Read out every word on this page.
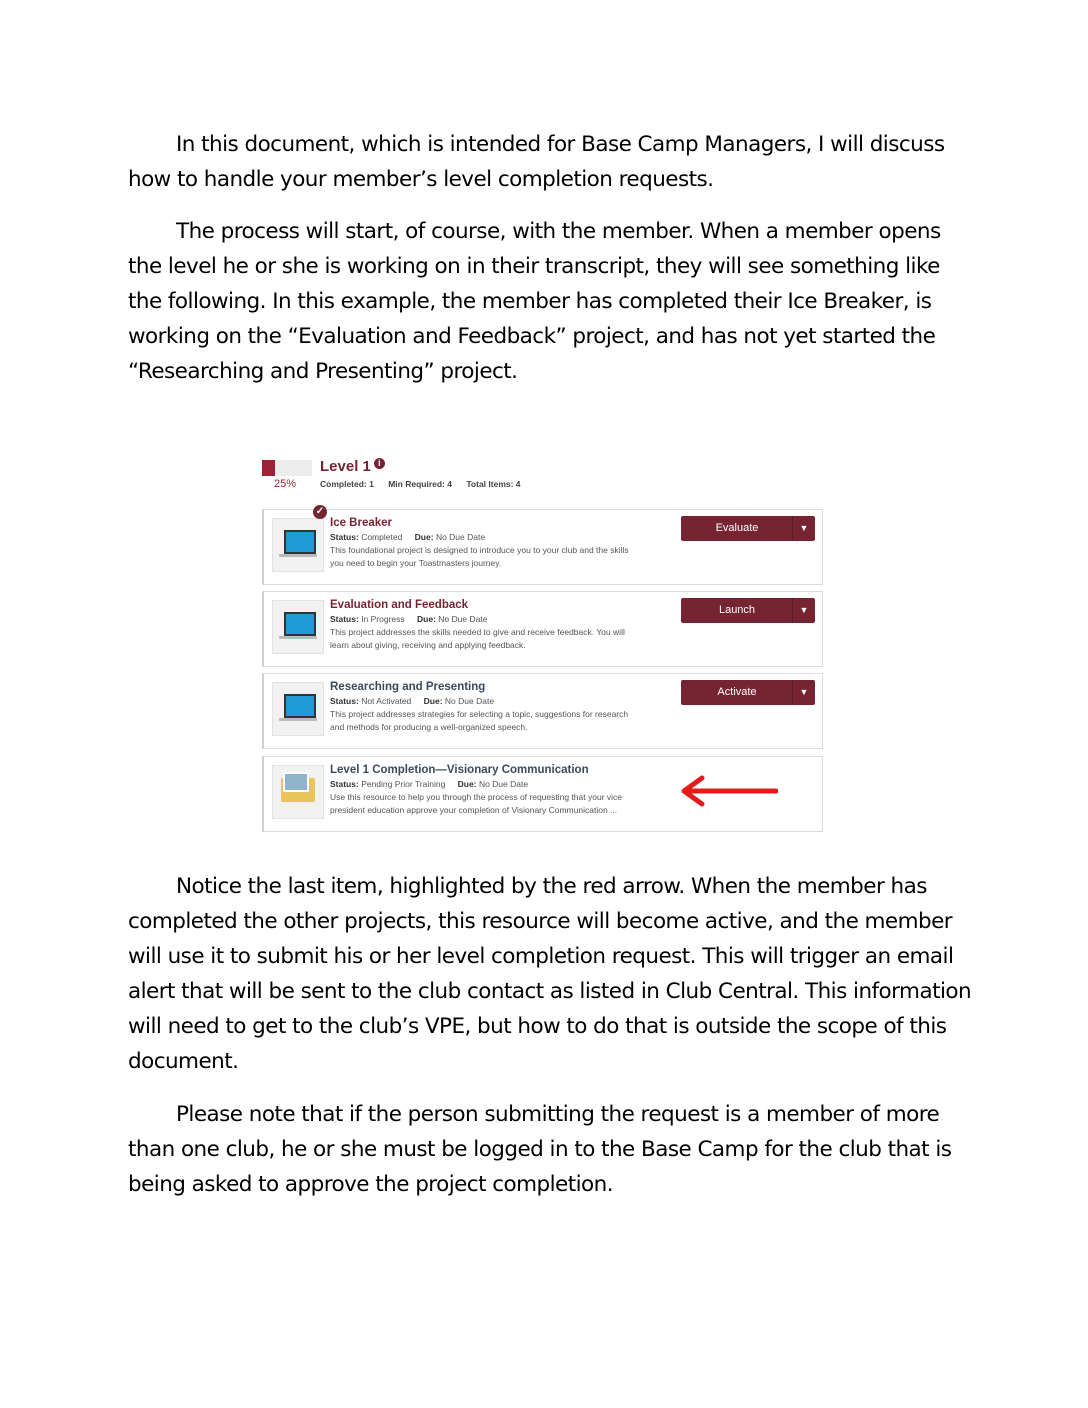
In this document, which is intended for Base Camp Managers, I will discuss
how to handle your member’s level completion requests.
The process will start, of course, with the member. When a member opens
the level he or she is working on in their transcript, they will see something like
the following. In this example, the member has completed their Ice Breaker, is
working on the “Evaluation and Feedback” project, and has not yet started the
“Researching and Presenting” project.
25%
Level 1 i
Completed: 1 Min Required: 4 Total Items: 4
✓
Ice Breaker
Status: Completed Due: No Due Date
This foundational project is designed to introduce you to your club and the skills
you need to begin your Toastmasters journey.
Evaluate	▼
Evaluation and Feedback
Status: In Progress Due: No Due Date
This project addresses the skills needed to give and receive feedback. You will
learn about giving, receiving and applying feedback.
Launch	▼
Researching and Presenting
Status: Not Activated Due: No Due Date
This project addresses strategies for selecting a topic, suggestions for research
and methods for producing a well-organized speech.
Activate	▼
Level 1 Completion—Visionary Communication
Status: Pending Prior Training Due: No Due Date
Use this resource to help you through the process of requesting that your vice
president education approve your completion of Visionary Communication ...
Notice the last item, highlighted by the red arrow. When the member has
completed the other projects, this resource will become active, and the member
will use it to submit his or her level completion request. This will trigger an email
alert that will be sent to the club contact as listed in Club Central. This information
will need to get to the club’s VPE, but how to do that is outside the scope of this
document.
Please note that if the person submitting the request is a member of more
than one club, he or she must be logged in to the Base Camp for the club that is
being asked to approve the project completion.
